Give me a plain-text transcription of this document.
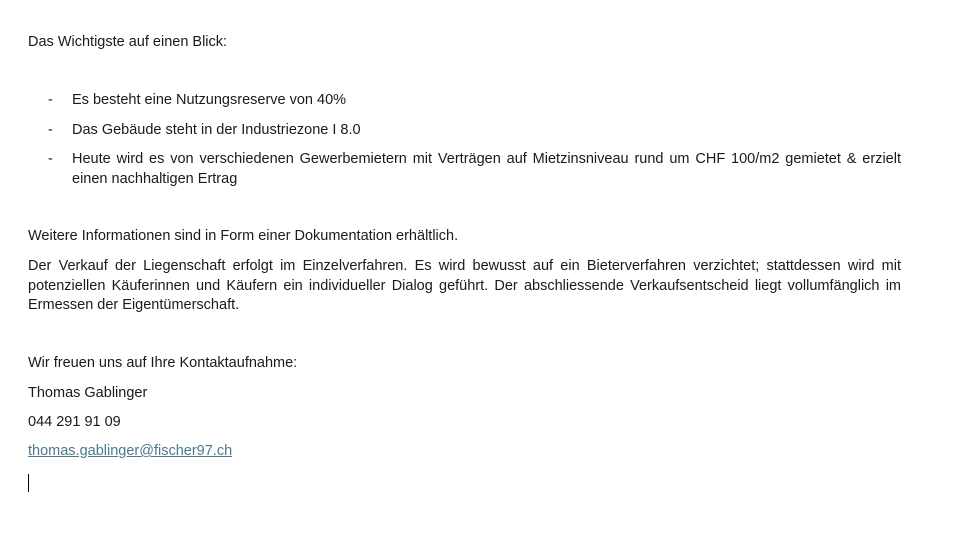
Das Wichtigste auf einen Blick:

- Es besteht eine Nutzungsreserve von 40%
- Das Gebäude steht in der Industriezone I 8.0
- Heute wird es von verschiedenen Gewerbemietern mit Verträgen auf Mietzinsniveau rund um CHF 100/m2 gemietet & erzielt einen nachhaltigen Ertrag

Weitere Informationen sind in Form einer Dokumentation erhältlich.

Der Verkauf der Liegenschaft erfolgt im Einzelverfahren. Es wird bewusst auf ein Bieterverfahren verzichtet; stattdessen wird mit potenziellen Käuferinnen und Käufern ein individueller Dialog geführt. Der abschliessende Verkaufsentscheid liegt vollumfänglich im Ermessen der Eigentümerschaft.

Wir freuen uns auf Ihre Kontaktaufnahme:

Thomas Gablinger

044 291 91 09

thomas.gablinger@fischer97.ch
